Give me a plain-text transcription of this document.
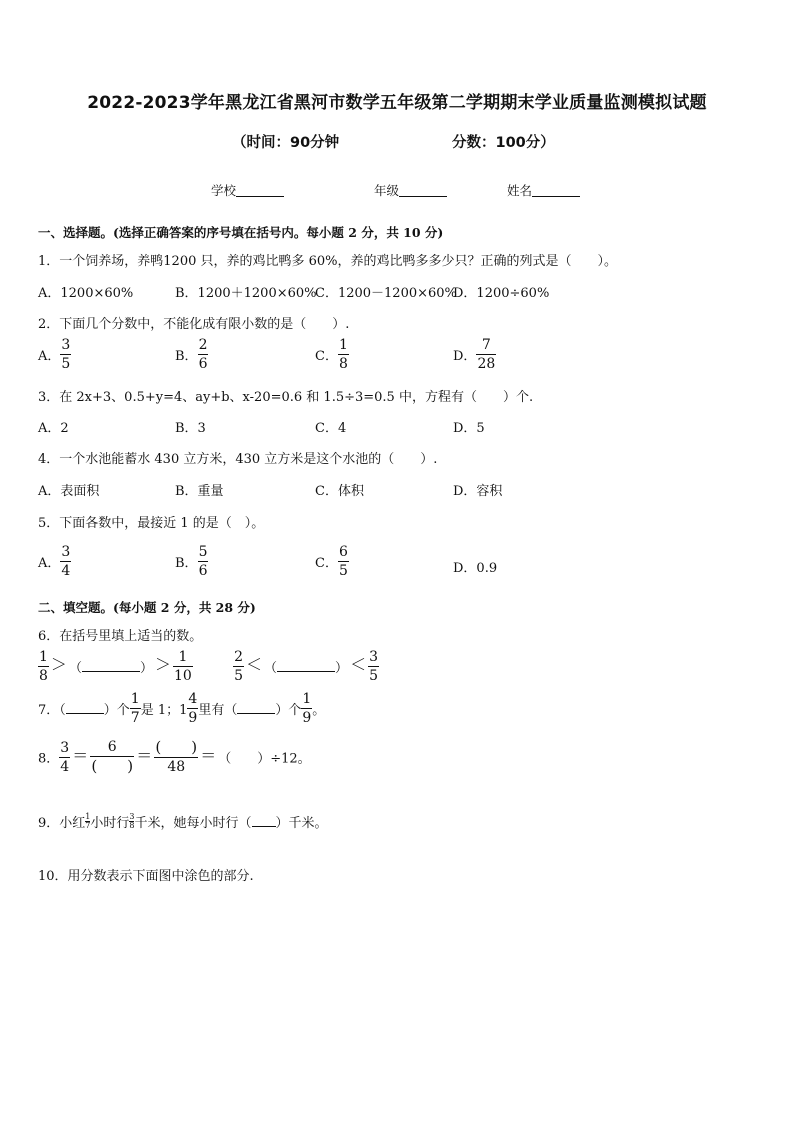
2022-2023学年黑龙江省黑河市数学五年级第二学期期末学业质量监测模拟试题
（时间：90分钟	分数：100分）
学校	年级	姓名
一、选择题。(选择正确答案的序号填在括号内。每小题 2 分，共 10 分)
1．一个饲养场，养鸭1200 只，养的鸡比鸭多 60%，养的鸡比鸭多多少只？正确的列式是（　　）。
A．1200×60%	B．1200＋1200×60%
C．1200－1200×60%
D．1200÷60%
2．下面几个分数中，不能化成有限小数的是（　　）.
A． $\frac{3}{5}$	B． $\frac{2}{6}$	C． $\frac{1}{8}$	D． $\frac{7}{28}$
3．在 2x+3、0.5+y=4、ay+b、x-20=0.6 和 1.5÷3=0.5 中，方程有（　　）个.
A．2	B．3	C．4	D．5
4．一个水池能蓄水 430 立方米，430 立方米是这个水池的（　　）.
A．表面积	B．重量	C．体积	D．容积
5．下面各数中，最接近 1 的是（　）。
A． $\frac{3}{4}$	B． $\frac{5}{6}$	C． $\frac{6}{5}$	D．0.9
二、填空题。(每小题 2 分，共 28 分)
6．在括号里填上适当的数。
$\frac{1}{8}$ ＞ （	） ＞ $\frac{1}{10}$
	$\frac{2}{5}$ ＜ （	） ＜ $\frac{3}{5}$
7．（	）个 $\frac{1}{7}$ 是 1；$1 \frac{4}{9}$ 里有（	）个 $\frac{1}{9}$ 。
8． $\frac{3}{4} = \frac{6}{( )} = \frac{( )}{48}$ ＝ （　　）÷12。
9．小红 $\frac{1}{7}$ 小时行 $\frac{3}{8}$ 千米，她每小时行（ ）千米。
10．用分数表示下面图中涂色的部分.
